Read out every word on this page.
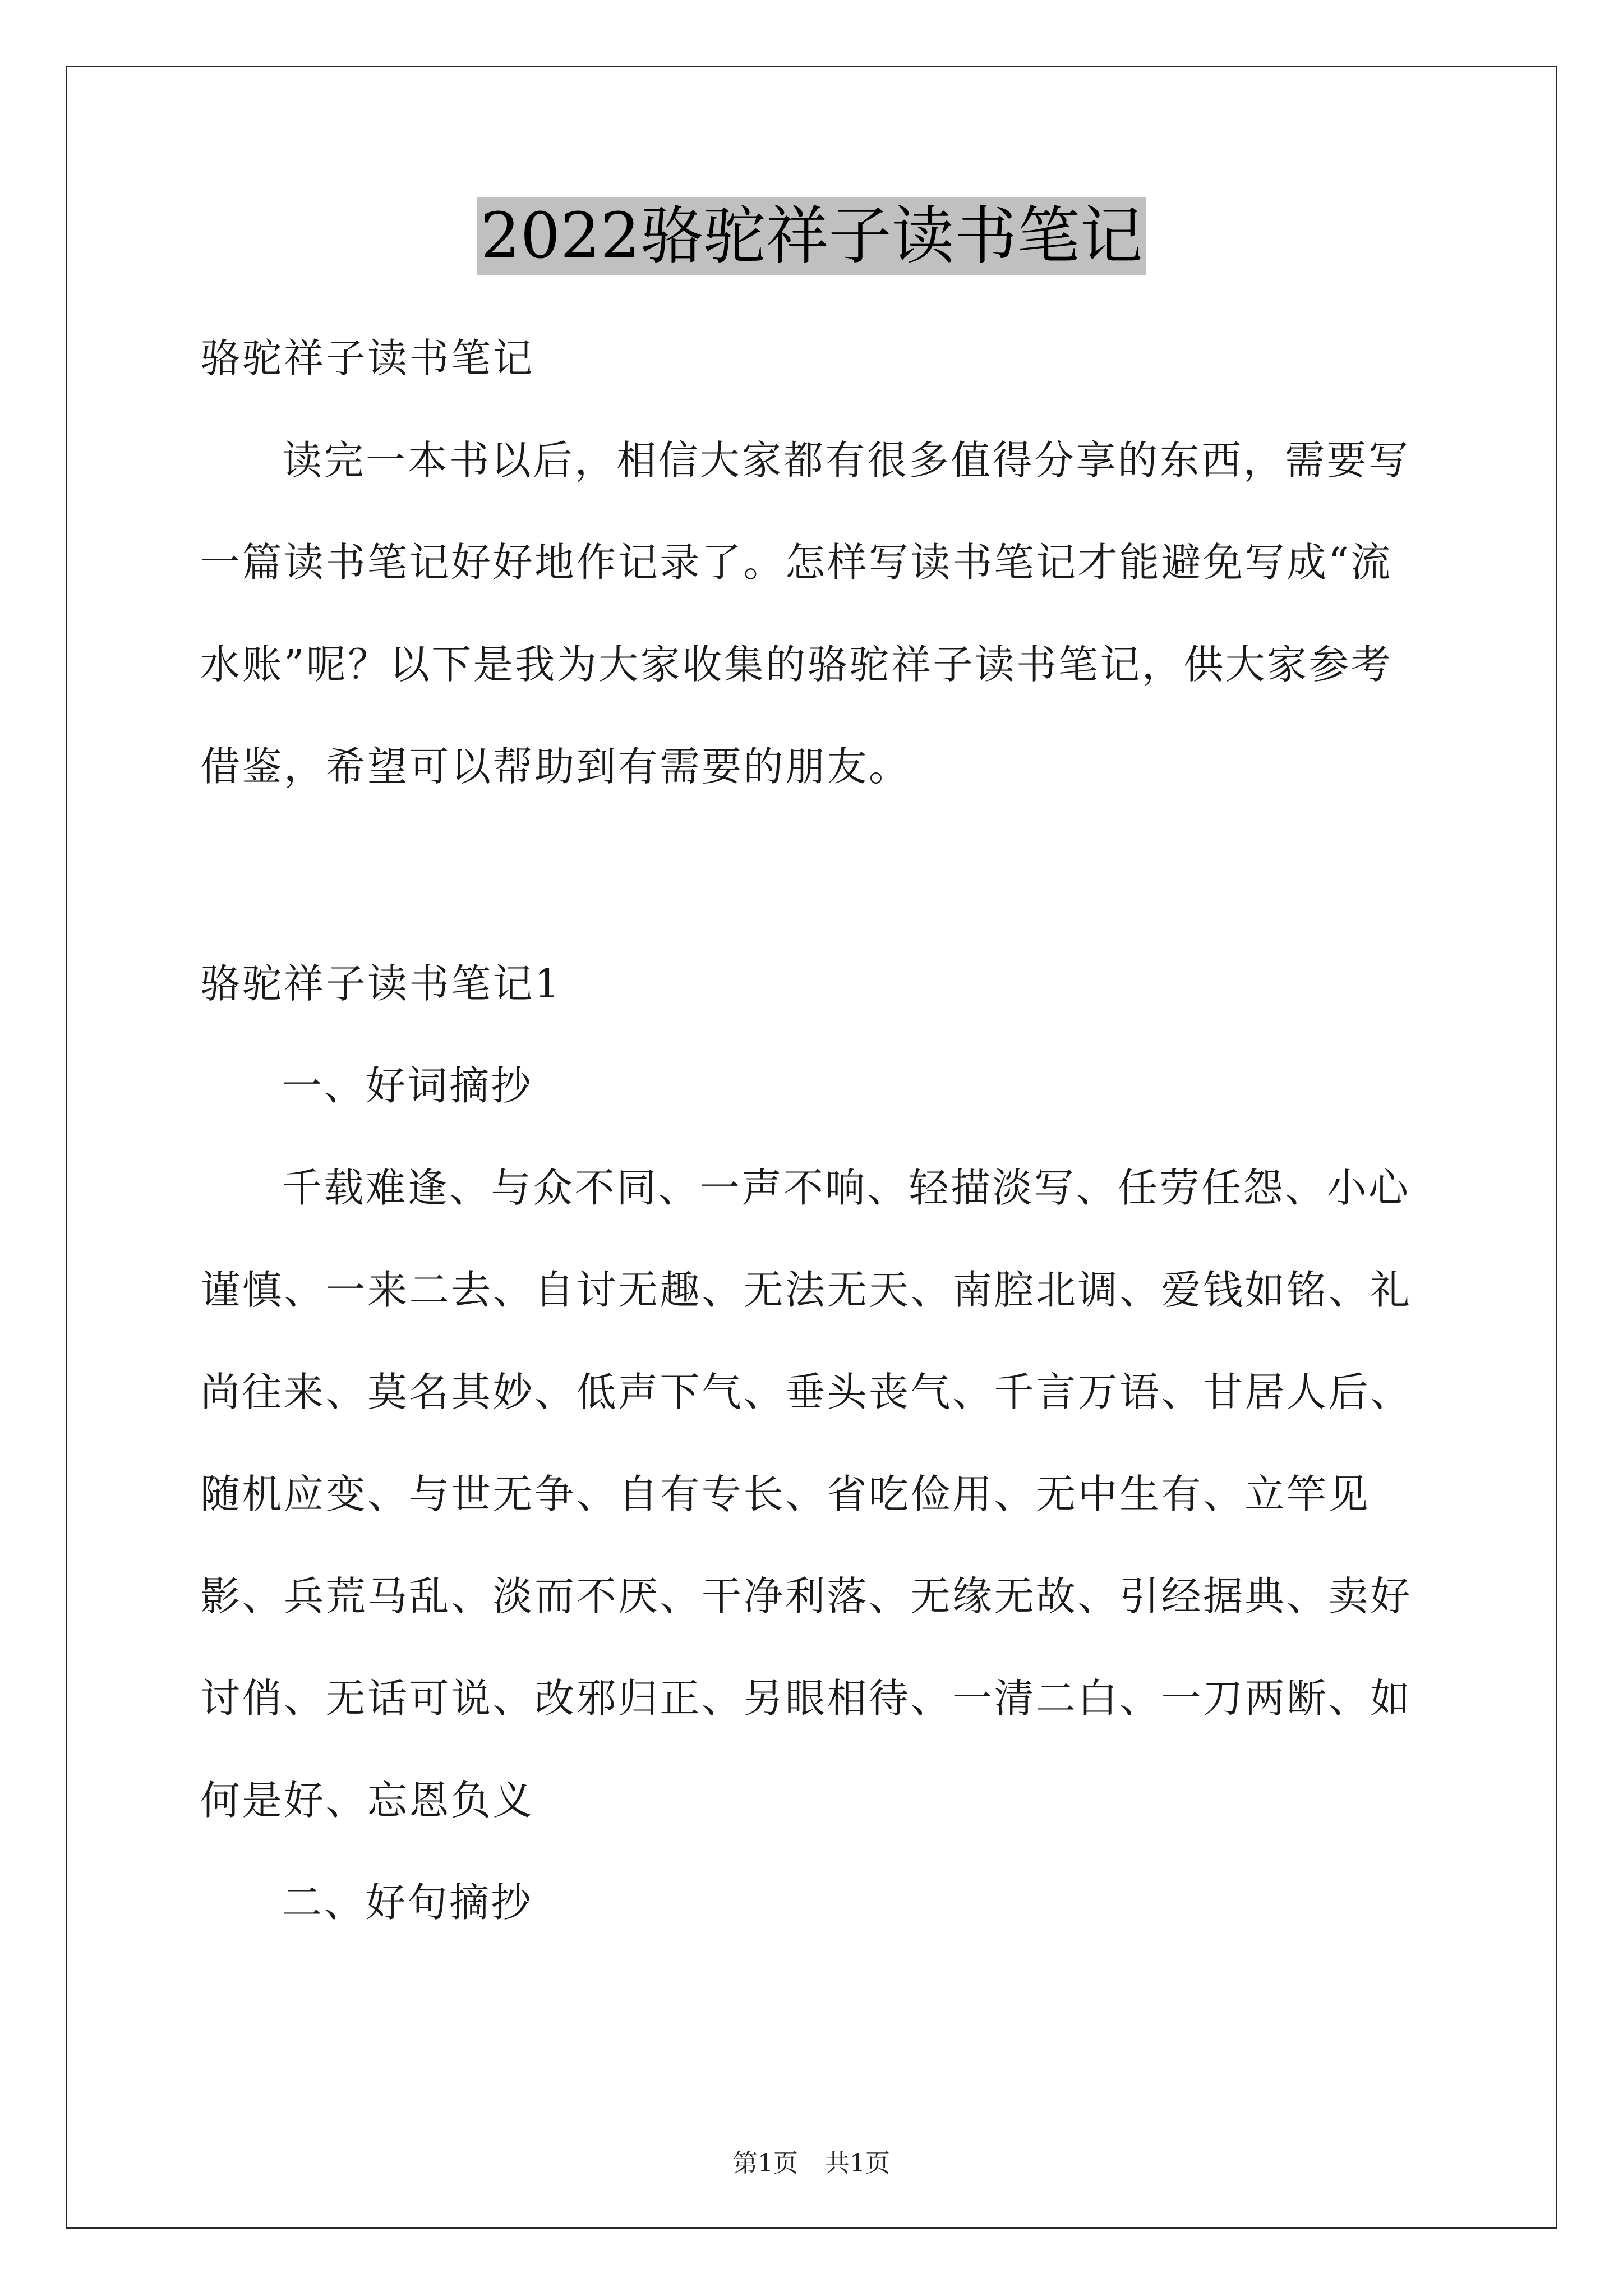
2022骆驼祥子读书笔记

骆驼祥子读书笔记

读完一本书以后，相信大家都有很多值得分享的东西，需要写一篇读书笔记好好地作记录了。怎样写读书笔记才能避免写成“流水账”呢？以下是我为大家收集的骆驼祥子读书笔记，供大家参考借鉴，希望可以帮助到有需要的朋友。

骆驼祥子读书笔记1

一、好词摘抄

千载难逢、与众不同、一声不响、轻描淡写、任劳任怨、小心谨慎、一来二去、自讨无趣、无法无天、南腔北调、爱钱如铭、礼尚往来、莫名其妙、低声下气、垂头丧气、千言万语、甘居人后、随机应变、与世无争、自有专长、省吃俭用、无中生有、立竿见影、兵荒马乱、淡而不厌、干净利落、无缘无故、引经据典、卖好讨俏、无话可说、改邪归正、另眼相待、一清二白、一刀两断、如何是好、忘恩负义

二、好句摘抄

第1页 共1页
